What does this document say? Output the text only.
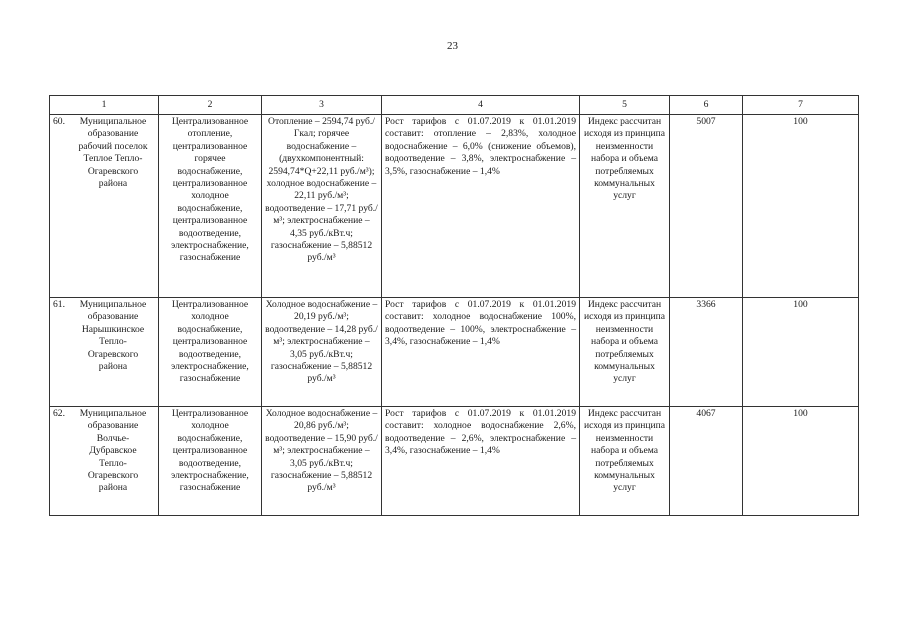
23
1	2	3	4	5	6	7
60. Муниципальное образование рабочий поселок Теплое Тепло-Огаревского района	Централизованное отопление, централизованное горячее водоснабжение, централизованное холодное водоснабжение, централизованное водоотведение, электроснабжение, газоснабжение	Отопление – 2594,74 руб./Гкал; горячее водоснабжение – (двухкомпонентный: 2594,74*Q+22,11 руб./м³); холодное водоснабжение – 22,11 руб./м³; водоотведение – 17,71 руб./м³; электроснабжение – 4,35 руб./кВт.ч; газоснабжение – 5,88512 руб./м³	Рост тарифов с 01.07.2019 к 01.01.2019 составит: отопление – 2,83%, холодное водоснабжение – 6,0% (снижение объемов), водоотведение – 3,8%, электроснабжение – 3,5%, газоснабжение – 1,4%	Индекс рассчитан исходя из принципа неизменности набора и объема потребляемых коммунальных услуг	5007	100
61. Муниципальное образование Нарышкинское Тепло-Огаревского района	Централизованное холодное водоснабжение, централизованное водоотведение, электроснабжение, газоснабжение	Холодное водоснабжение – 20,19 руб./м³; водоотведение – 14,28 руб./м³; электроснабжение – 3,05 руб./кВт.ч; газоснабжение – 5,88512 руб./м³	Рост тарифов с 01.07.2019 к 01.01.2019 составит: холодное водоснабжение 100%, водоотведение – 100%, электроснабжение – 3,4%, газоснабжение – 1,4%	Индекс рассчитан исходя из принципа неизменности набора и объема потребляемых коммунальных услуг	3366	100
62. Муниципальное образование Волчье-Дубравское Тепло-Огаревского района	Централизованное холодное водоснабжение, централизованное водоотведение, электроснабжение, газоснабжение	Холодное водоснабжение – 20,86 руб./м³; водоотведение – 15,90 руб./м³; электроснабжение – 3,05 руб./кВт.ч; газоснабжение – 5,88512 руб./м³	Рост тарифов с 01.07.2019 к 01.01.2019 составит: холодное водоснабжение 2,6%, водоотведение – 2,6%, электроснабжение – 3,4%, газоснабжение – 1,4%	Индекс рассчитан исходя из принципа неизменности набора и объема потребляемых коммунальных услуг	4067	100
